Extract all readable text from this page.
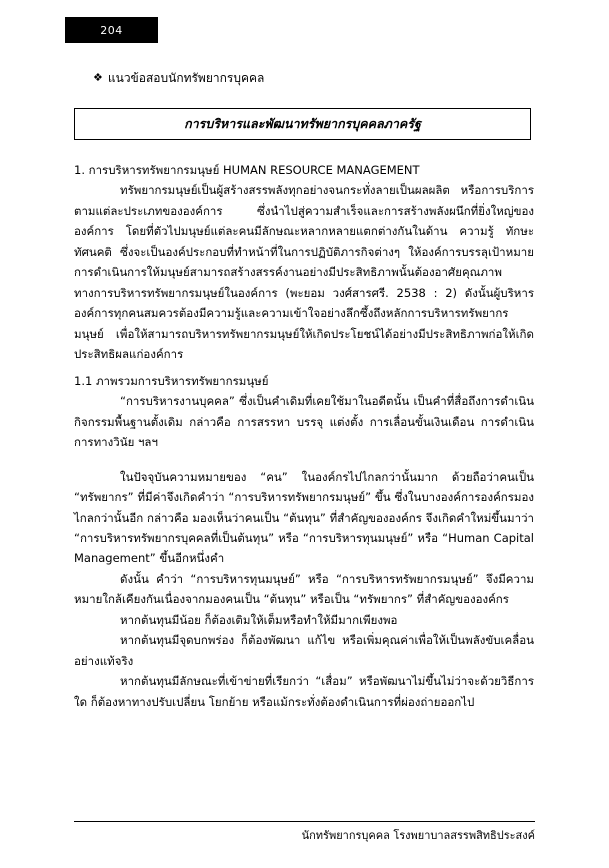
204
❖ แนวข้อสอบนักทรัพยากรบุคคล
การบริหารและพัฒนาทรัพยากรบุคคลภาครัฐ

1. การบริหารทรัพยากรมนุษย์ HUMAN RESOURCE MANAGEMENT

ทรัพยากรมนุษย์เป็นผู้สร้างสรรพลังทุกอย่างจนกระทั่งลายเป็นผลผลิต หรือการบริการตามแต่ละประเภทขององค์การ ซึ่งนำไปสู่ความสำเร็จและการสร้างพลังผนึกที่ยิ่งใหญ่ขององค์การ โดยที่ตัวไปมนุษย์แต่ละคนมีลักษณะหลากหลายแตกต่างกันในด้าน ความรู้ ทักษะ ทัศนคติ ซึ่งจะเป็นองค์ประกอบที่ทำหน้าที่ในการปฏิบัติภารกิจต่างๆ ให้องค์การบรรลุเป้าหมาย การดำเนินการให้มนุษย์สามารถสร้างสรรค์งานอย่างมีประสิทธิภาพนั้นต้องอาศัยคุณภาพทางการบริหารทรัพยากรมนุษย์ในองค์การ (พะยอม วงศ์สารศรี. 2538 : 2) ดังนั้นผู้บริหารองค์การทุกคนสมควรต้องมีความรู้และความเข้าใจอย่างลึกซึ้งถึงหลักการบริหารทรัพยากรมนุษย์ เพื่อให้สามารถบริหารทรัพยากรมนุษย์ให้เกิดประโยชน์ได้อย่างมีประสิทธิภาพก่อให้เกิดประสิทธิผลแก่องค์การ

1.1 ภาพรวมการบริหารทรัพยากรมนุษย์

“การบริหารงานบุคคล” ซึ่งเป็นคำเดิมที่เคยใช้มาในอดีตนั้น เป็นคำที่สื่อถึงการดำเนินกิจกรรมพื้นฐานตั้งเดิม กล่าวคือ การสรรหา บรรจุ แต่งตั้ง การเลื่อนขั้นเงินเดือน การดำเนินการทางวินัย ฯลฯ

ในปัจจุบันความหมายของ “คน” ในองค์กรไปไกลกว่านั้นมาก ด้วยถือว่าคนเป็น “ทรัพยากร” ที่มีค่าจึงเกิดคำว่า “การบริหารทรัพยากรมนุษย์” ขึ้น ซึ่งในบางองค์การองค์กรมองไกลกว่านั้นอีก กล่าวคือ มองเห็นว่าคนเป็น “ต้นทุน” ที่สำคัญขององค์กร จึงเกิดคำใหม่ขึ้นมาว่า “การบริหารทรัพยากรบุคคลที่เป็นต้นทุน” หรือ “การบริหารทุนมนุษย์” หรือ “Human Capital Management” ขึ้นอีกหนึ่งคำ

ดังนั้น คำว่า “การบริหารทุนมนุษย์” หรือ “การบริหารทรัพยากรมนุษย์” จึงมีความหมายใกล้เคียงกันเนื่องจากมองคนเป็น “ต้นทุน” หรือเป็น “ทรัพยากร” ที่สำคัญขององค์กร

หากต้นทุนมีน้อย ก็ต้องเติมให้เต็มหรือทำให้มีมากเพียงพอ

หากต้นทุนมีจุดบกพร่อง ก็ต้องพัฒนา แก้ไข หรือเพิ่มคุณค่าเพื่อให้เป็นพลังขับเคลื่อนอย่างแท้จริง

หากต้นทุนมีลักษณะที่เข้าข่ายที่เรียกว่า “เสื่อม” หรือพัฒนาไม่ขึ้นไม่ว่าจะด้วยวิธีการใด ก็ต้องหาทางปรับเปลี่ยน โยกย้าย หรือแม้กระทั่งต้องดำเนินการที่ผ่องถ่ายออกไป

นักทรัพยากรบุคคล โรงพยาบาลสรรพสิทธิประสงค์
